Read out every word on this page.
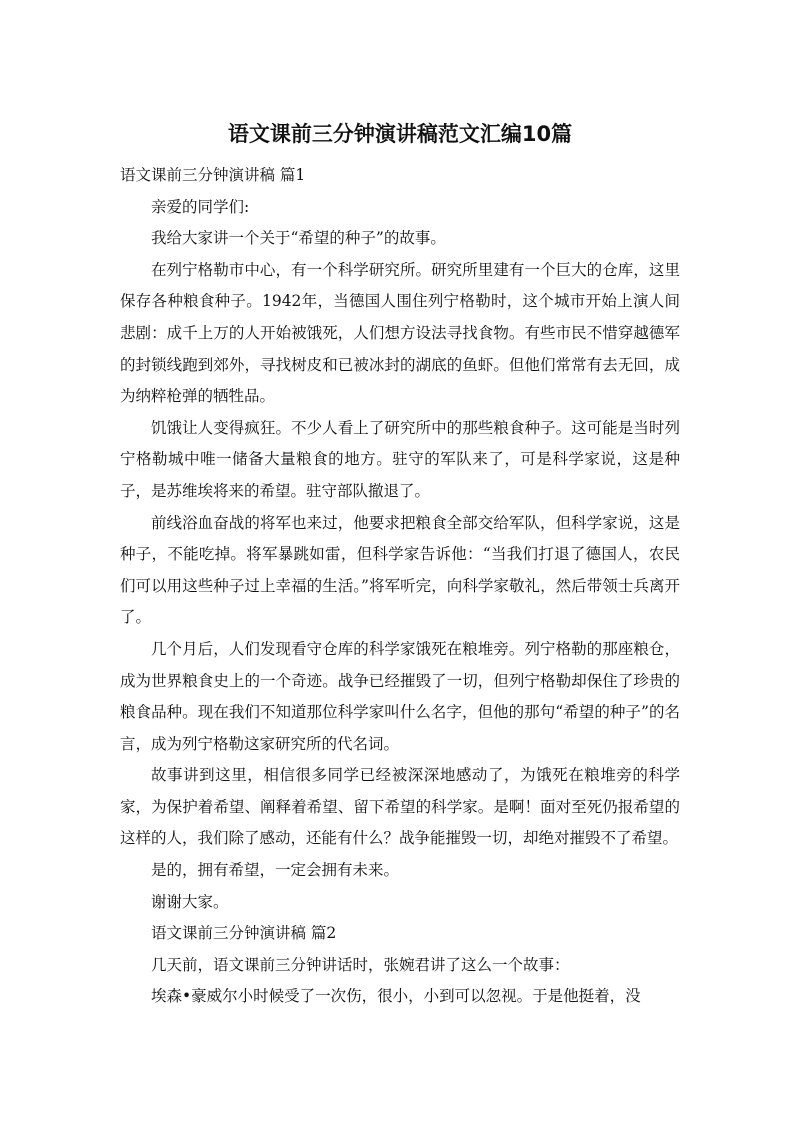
语文课前三分钟演讲稿范文汇编10篇

语文课前三分钟演讲稿 篇1

亲爱的同学们:

我给大家讲一个关于“希望的种子”的故事。

在列宁格勒市中心，有一个科学研究所。研究所里建有一个巨大的仓库，这里保存各种粮食种子。1942年，当德国人围住列宁格勒时，这个城市开始上演人间悲剧：成千上万的人开始被饿死，人们想方设法寻找食物。有些市民不惜穿越德军的封锁线跑到郊外，寻找树皮和已被冰封的湖底的鱼虾。但他们常常有去无回，成为纳粹枪弹的牺牲品。

饥饿让人变得疯狂。不少人看上了研究所中的那些粮食种子。这可能是当时列宁格勒城中唯一储备大量粮食的地方。驻守的军队来了，可是科学家说，这是种子，是苏维埃将来的希望。驻守部队撤退了。

前线浴血奋战的将军也来过，他要求把粮食全部交给军队，但科学家说，这是种子，不能吃掉。将军暴跳如雷，但科学家告诉他：“当我们打退了德国人，农民们可以用这些种子过上幸福的生活。”将军听完，向科学家敬礼，然后带领士兵离开了。

几个月后，人们发现看守仓库的科学家饿死在粮堆旁。列宁格勒的那座粮仓，成为世界粮食史上的一个奇迹。战争已经摧毁了一切，但列宁格勒却保住了珍贵的粮食品种。现在我们不知道那位科学家叫什么名字，但他的那句“希望的种子”的名言，成为列宁格勒这家研究所的代名词。

故事讲到这里，相信很多同学已经被深深地感动了，为饿死在粮堆旁的科学家，为保护着希望、阐释着希望、留下希望的科学家。是啊！面对至死仍报希望的这样的人，我们除了感动，还能有什么？战争能摧毁一切，却绝对摧毁不了希望。

是的，拥有希望，一定会拥有未来。

谢谢大家。

语文课前三分钟演讲稿 篇2

几天前，语文课前三分钟讲话时，张婉君讲了这么一个故事：

埃森•豪威尔小时候受了一次伤，很小，小到可以忽视。于是他挺着，没
